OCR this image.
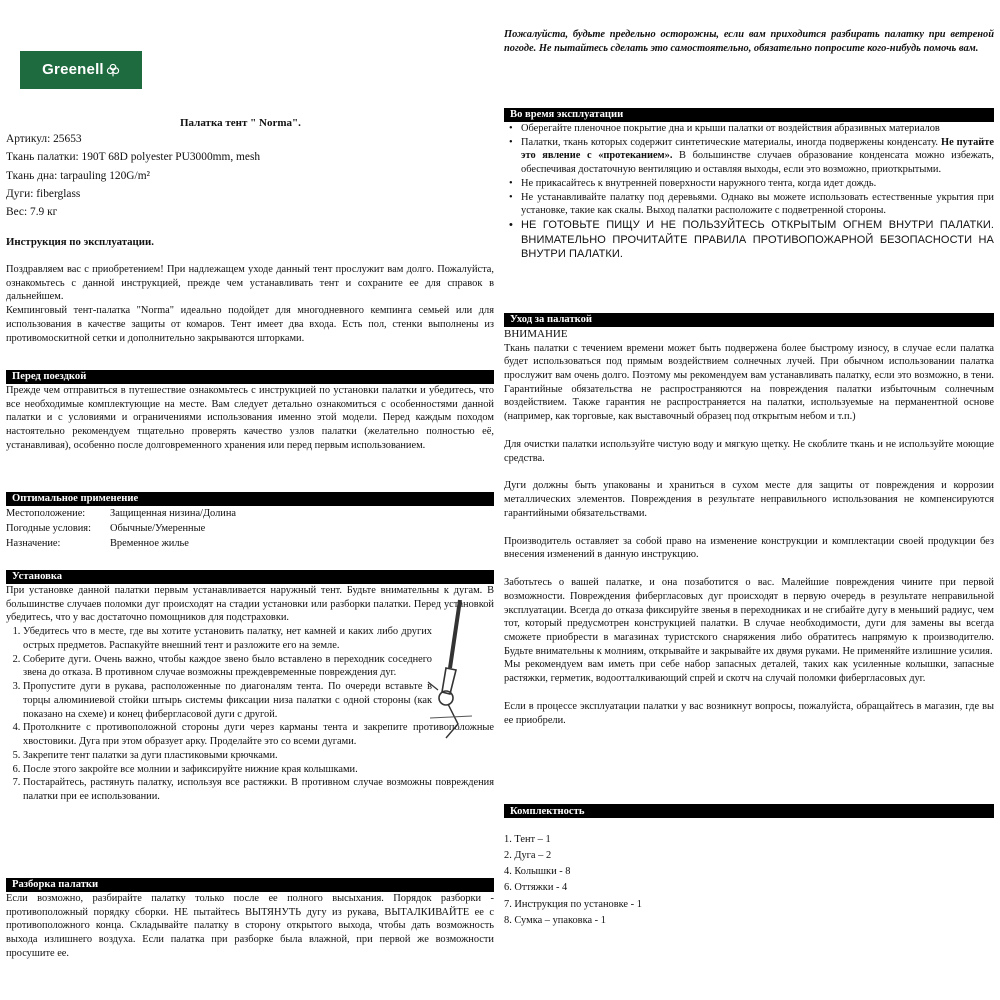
Greenell
Палатка тент " Norma".
Артикул: 25653
Ткань палатки: 190T 68D polyester PU3000mm, mesh
Ткань дна: tarpauling 120G/m²
Дуги: fiberglass
Вес: 7.9 кг
Инструкция по эксплуатации.

Поздравляем вас с приобретением! При надлежащем уходе данный тент прослужит вам долго. Пожалуйста, ознакомьтесь с данной инструкцией, прежде чем устанавливать тент и сохраните ее для справок в дальнейшем.

Кемпинговый тент-палатка "Norma" идеально подойдет для многодневного кемпинга семьей или для использования в качестве защиты от комаров. Тент имеет два входа. Есть пол, стенки выполнены из противомоскитной сетки и дополнительно закрываются шторками.

Перед поездкой

Прежде чем отправиться в путешествие ознакомьтесь с инструкцией по установки палатки и убедитесь, что все необходимые комплектующие на месте. Вам следует детально ознакомиться с особенностями данной палатки и с условиями и ограничениями использования именно этой модели. Перед каждым походом настоятельно рекомендуем тщательно проверять качество узлов палатки (желательно полностью её, устанавливая), особенно после долговременного хранения или перед первым использованием.

Оптимальное применение
Местоположение:	Защищенная низина/Долина
Погодные условия:	Обычные/Умеренные
Назначение:	Временное жилье
Установка

При установке данной палатки первым устанавливается наружный тент. Будьте внимательны к дугам. В большинстве случаев поломки дуг происходят на стадии установки или разборки палатки. Перед установкой убедитесь, что у вас достаточно помощников для подстраховки.

1. Убедитесь что в месте, где вы хотите установить палатку, нет камней и каких либо других острых предметов. Распакуйте внешний тент и разложите его на земле.
2. Соберите дуги. Очень важно, чтобы каждое звено было вставлено в переходник соседнего звена до отказа. В противном случае возможны преждевременные повреждения дуг.
3. Пропустите дуги в рукава, расположенные по диагоналям тента. По очереди вставьте в торцы алюминиевой стойки штырь системы фиксации низа палатки с одной стороны (как показано на схеме) и конец фибергласовой дуги с другой.
4. Протолкните с противоположной стороны дуги через карманы тента и закрепите противоположные хвостовики. Дуга при этом образует арку. Проделайте это со всеми дугами.
5. Закрепите тент палатки за дуги пластиковыми крючками.
6. После этого закройте все молнии и зафиксируйте нижние края колышками.
7. Постарайтесь, растянуть палатку, используя все растяжки. В противном случае возможны повреждения палатки при ее использовании.
Разборка палатки

Если возможно, разбирайте палатку только после ее полного высыхания. Порядок разборки - противоположный порядку сборки. НЕ пытайтесь ВЫТЯНУТЬ дугу из рукава, ВЫТАЛКИВАЙТЕ ее с противоположного конца. Складывайте палатку в сторону открытого выхода, чтобы дать возможность выхода излишнего воздуха. Если палатка при разборке была влажной, при первой же возможности просушите ее.

Пожалуйста, будьте предельно осторожны, если вам приходится разбирать палатку при ветреной погоде. Не пытайтесь сделать это самостоятельно, обязательно попросите кого-нибудь помочь вам.

Во время эксплуатации
• Оберегайте пленочное покрытие дна и крыши палатки от воздействия абразивных материалов
• Палатки, ткань которых содержит синтетические материалы, иногда подвержены конденсату. Не путайте это явление с «протеканием». В большинстве случаев образование конденсата можно избежать, обеспечивая достаточную вентиляцию и оставляя выходы, если это возможно, приоткрытыми.
• Не прикасайтесь к внутренней поверхности наружного тента, когда идет дождь.
• Не устанавливайте палатку под деревьями. Однако вы можете использовать естественные укрытия при установке, такие как скалы. Выход палатки расположите с подветренной стороны.
• НЕ ГОТОВЬТЕ ПИЩУ И НЕ ПОЛЬЗУЙТЕСЬ ОТКРЫТЫМ ОГНЕМ ВНУТРИ ПАЛАТКИ. ВНИМАТЕЛЬНО ПРОЧИТАЙТЕ ПРАВИЛА ПРОТИВОПОЖАРНОЙ БЕЗОПАСНОСТИ НА ВНУТРИ ПАЛАТКИ.
Уход за палаткой
ВНИМАНИЕ

Ткань палатки с течением времени может быть подвержена более быстрому износу, в случае если палатка будет использоваться под прямым воздействием солнечных лучей. При обычном использовании палатка прослужит вам очень долго. Поэтому мы рекомендуем вам устанавливать палатку, если это возможно, в тени. Гарантийные обязательства не распространяются на повреждения палатки избыточным солнечным воздействием. Также гарантия не распространяется на палатки, используемые на перманентной основе (например, как торговые, как выставочный образец под открытым небом и т.п.)

Для очистки палатки используйте чистую воду и мягкую щетку. Не скоблите ткань и не используйте моющие средства.

Дуги должны быть упакованы и храниться в сухом месте для защиты от повреждения и коррозии металлических элементов. Повреждения в результате неправильного использования не компенсируются гарантийными обязательствами.

Производитель оставляет за собой право на изменение конструкции и комплектации своей продукции без внесения изменений в данную инструкцию.

Заботьтесь о вашей палатке, и она позаботится о вас. Малейшие повреждения чините при первой возможности. Повреждения фибергласовых дуг происходят в первую очередь в результате неправильной эксплуатации. Всегда до отказа фиксируйте звенья в переходниках и не сгибайте дугу в меньший радиус, чем тот, который предусмотрен конструкцией палатки. В случае необходимости, дуги для замены вы всегда сможете приобрести в магазинах туристского снаряжения либо обратитесь напрямую к производителю. Будьте внимательны к молниям, открывайте и закрывайте их двумя руками. Не применяйте излишние усилия.

Мы рекомендуем вам иметь при себе набор запасных деталей, таких как усиленные колышки, запасные растяжки, герметик, водоотталкивающий спрей и скотч на случай поломки фибергласовых дуг.

Если в процессе эксплуатации палатки у вас возникнут вопросы, пожалуйста, обращайтесь в магазин, где вы ее приобрели.

Комплектность
1. Тент – 1
2. Дуга – 2
4. Колышки - 8
6. Оттяжки - 4
7. Инструкция по установке - 1
8. Сумка – упаковка - 1
